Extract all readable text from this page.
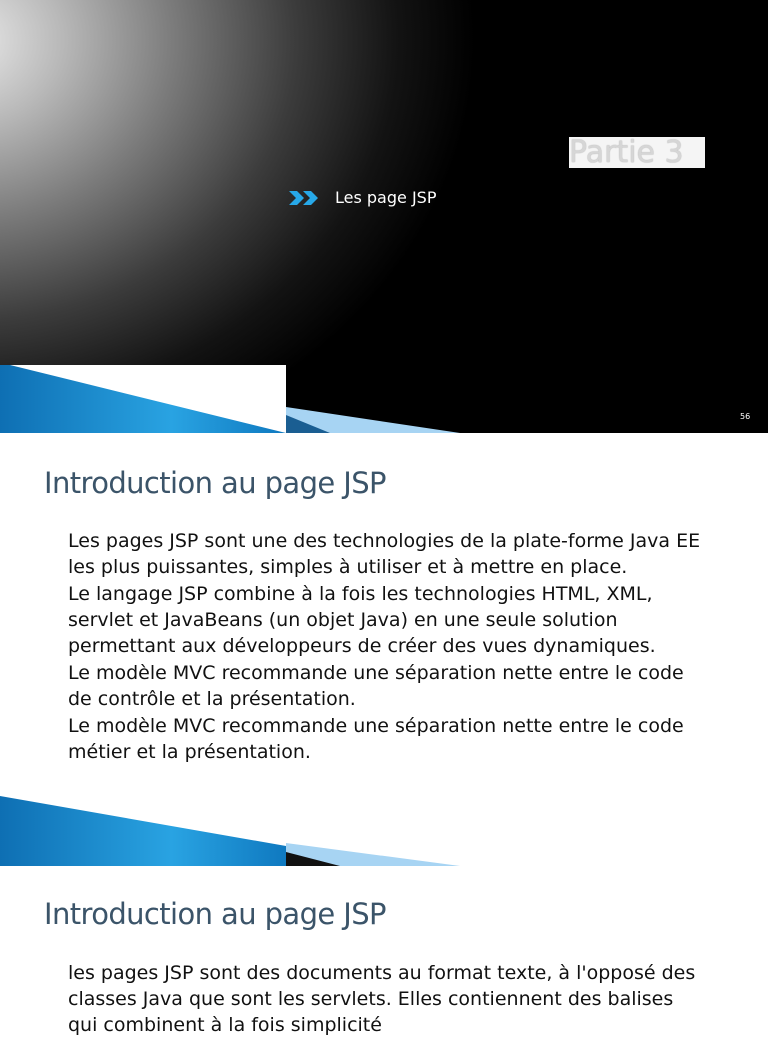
Partie 3
Les page JSP
56
Introduction au page JSP

Les pages JSP sont une des technologies de la plate-forme Java EE les plus puissantes, simples à utiliser et à mettre en place.

Le langage JSP combine à la fois les technologies HTML, XML, servlet et JavaBeans (un objet Java) en une seule solution permettant aux développeurs de créer des vues dynamiques.

Le modèle MVC recommande une séparation nette entre le code de contrôle et la présentation.

Le modèle MVC recommande une séparation nette entre le code métier et la présentation.

Introduction au page JSP

les pages JSP sont des documents au format texte, à l'opposé des classes Java que sont les servlets. Elles contiennent des balises qui combinent à la fois simplicité
